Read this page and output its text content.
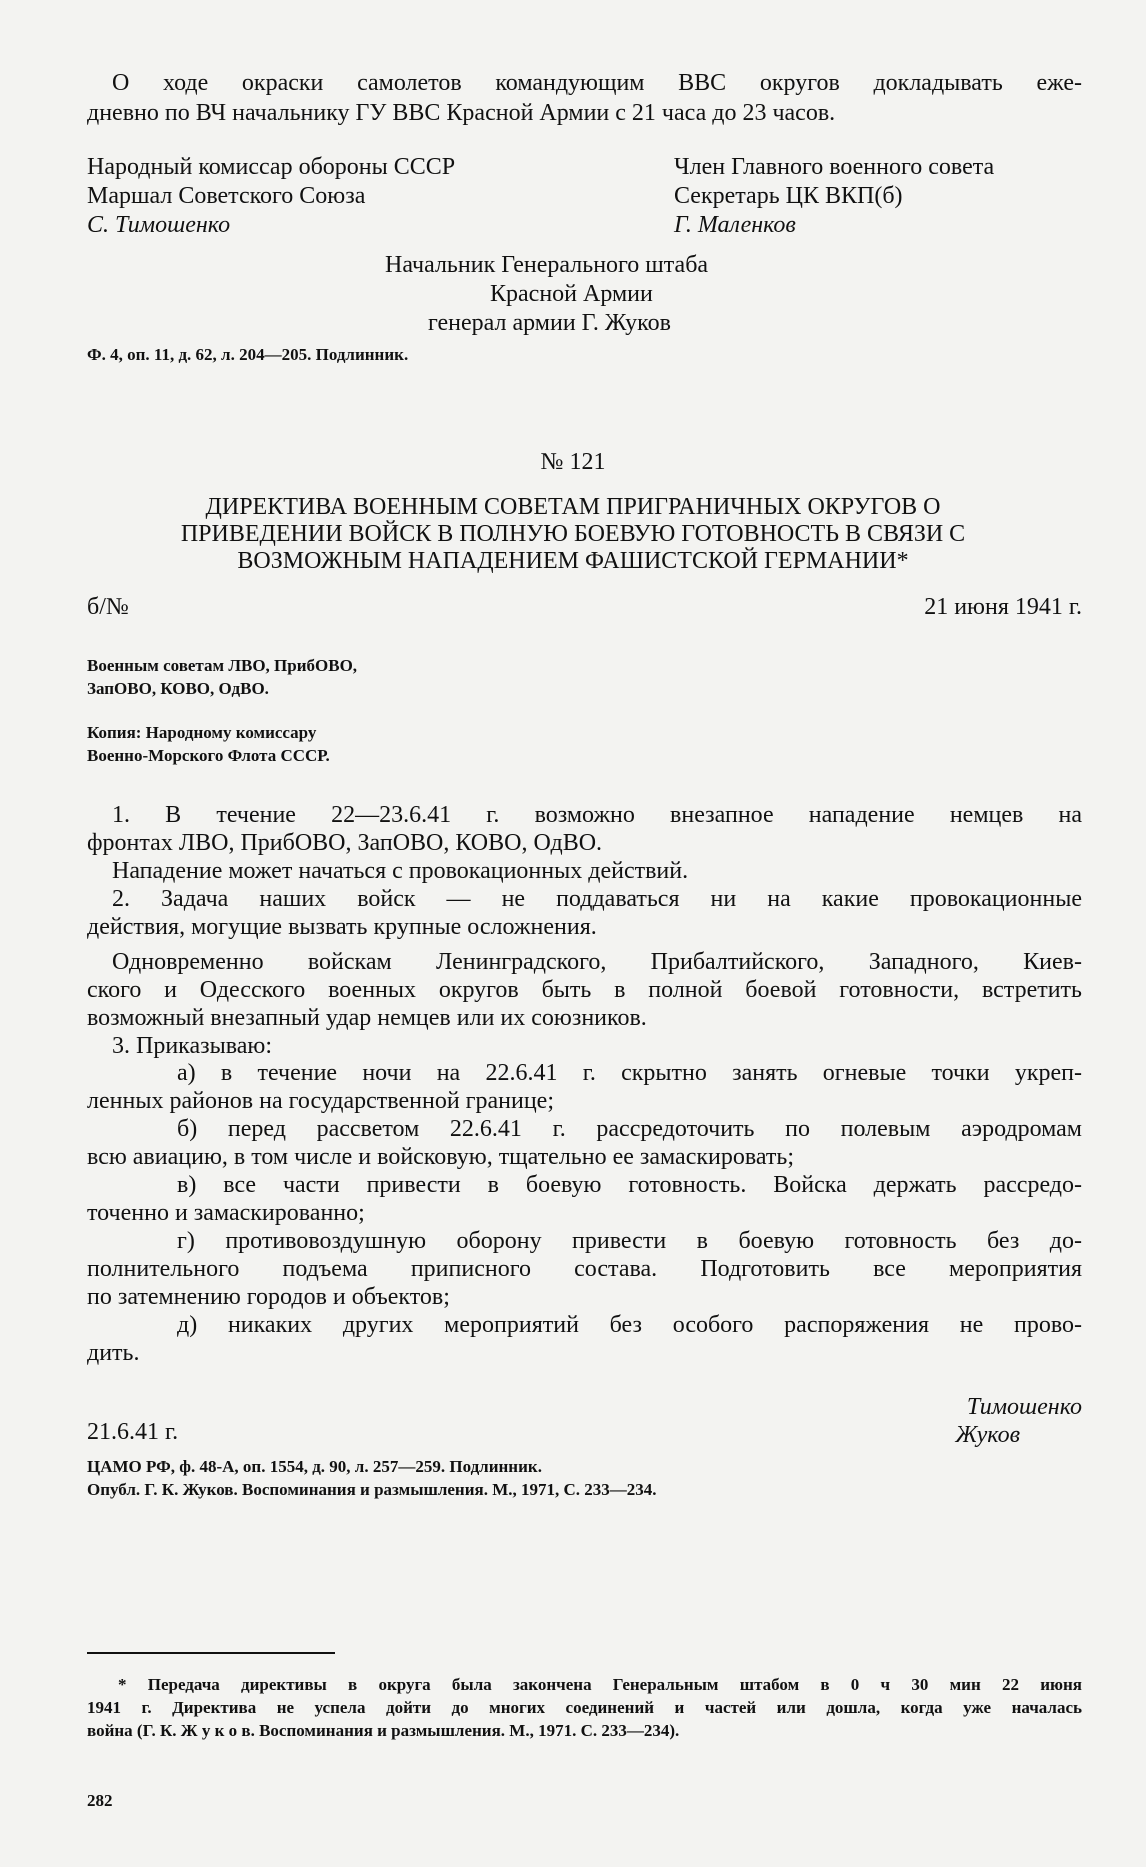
О ходе окраски самолетов командующим ВВС округов докладывать еже-
дневно по ВЧ начальнику ГУ ВВС Красной Армии с 21 часа до 23 часов.
Народный комиссар обороны СССР
Маршал Советского Союза
С. Тимошенко
Член Главного военного совета
Секретарь ЦК ВКП(б)
Г. Маленков
Начальник Генерального штаба
Красной Армии
генерал армии Г. Жуков
Ф. 4, оп. 11, д. 62, л. 204—205. Подлинник.
№ 121
ДИРЕКТИВА ВОЕННЫМ СОВЕТАМ ПРИГРАНИЧНЫХ ОКРУГОВ О
ПРИВЕДЕНИИ ВОЙСК В ПОЛНУЮ БОЕВУЮ ГОТОВНОСТЬ В СВЯЗИ С
ВОЗМОЖНЫМ НАПАДЕНИЕМ ФАШИСТСКОЙ ГЕРМАНИИ*
б/№	21 июня 1941 г.
Военным советам ЛВО, ПрибОВО,
ЗапОВО, КОВО, ОдВО.
Копия: Народному комиссару
Военно-Морского Флота СССР.
1. В течение 22—23.6.41 г. возможно внезапное нападение немцев на
фронтах ЛВО, ПрибОВО, ЗапОВО, КОВО, ОдВО.
Нападение может начаться с провокационных действий.
2. Задача наших войск — не поддаваться ни на какие провокационные
действия, могущие вызвать крупные осложнения.
Одновременно войскам Ленинградского, Прибалтийского, Западного, Киев-
ского и Одесского военных округов быть в полной боевой готовности, встретить
возможный внезапный удар немцев или их союзников.
3. Приказываю:
а) в течение ночи на 22.6.41 г. скрытно занять огневые точки укреп-
ленных районов на государственной границе;
б) перед рассветом 22.6.41 г. рассредоточить по полевым аэродромам
всю авиацию, в том числе и войсковую, тщательно ее замаскировать;
в) все части привести в боевую готовность. Войска держать рассредо-
точенно и замаскированно;
г) противовоздушную оборону привести в боевую готовность без до-
полнительного подъема приписного состава. Подготовить все мероприятия
по затемнению городов и объектов;
д) никаких других мероприятий без особого распоряжения не прово-
дить.
Тимошенко
21.6.41 г.	Жуков
ЦАМО РФ, ф. 48-А, оп. 1554, д. 90, л. 257—259. Подлинник.
Опубл. Г. К. Жуков. Воспоминания и размышления. М., 1971, С. 233—234.
* Передача директивы в округа была закончена Генеральным штабом в 0 ч 30 мин 22 июня
1941 г. Директива не успела дойти до многих соединений и частей или дошла, когда уже началась
война (Г. К. Ж у к о в. Воспоминания и размышления. М., 1971. С. 233—234).
282
